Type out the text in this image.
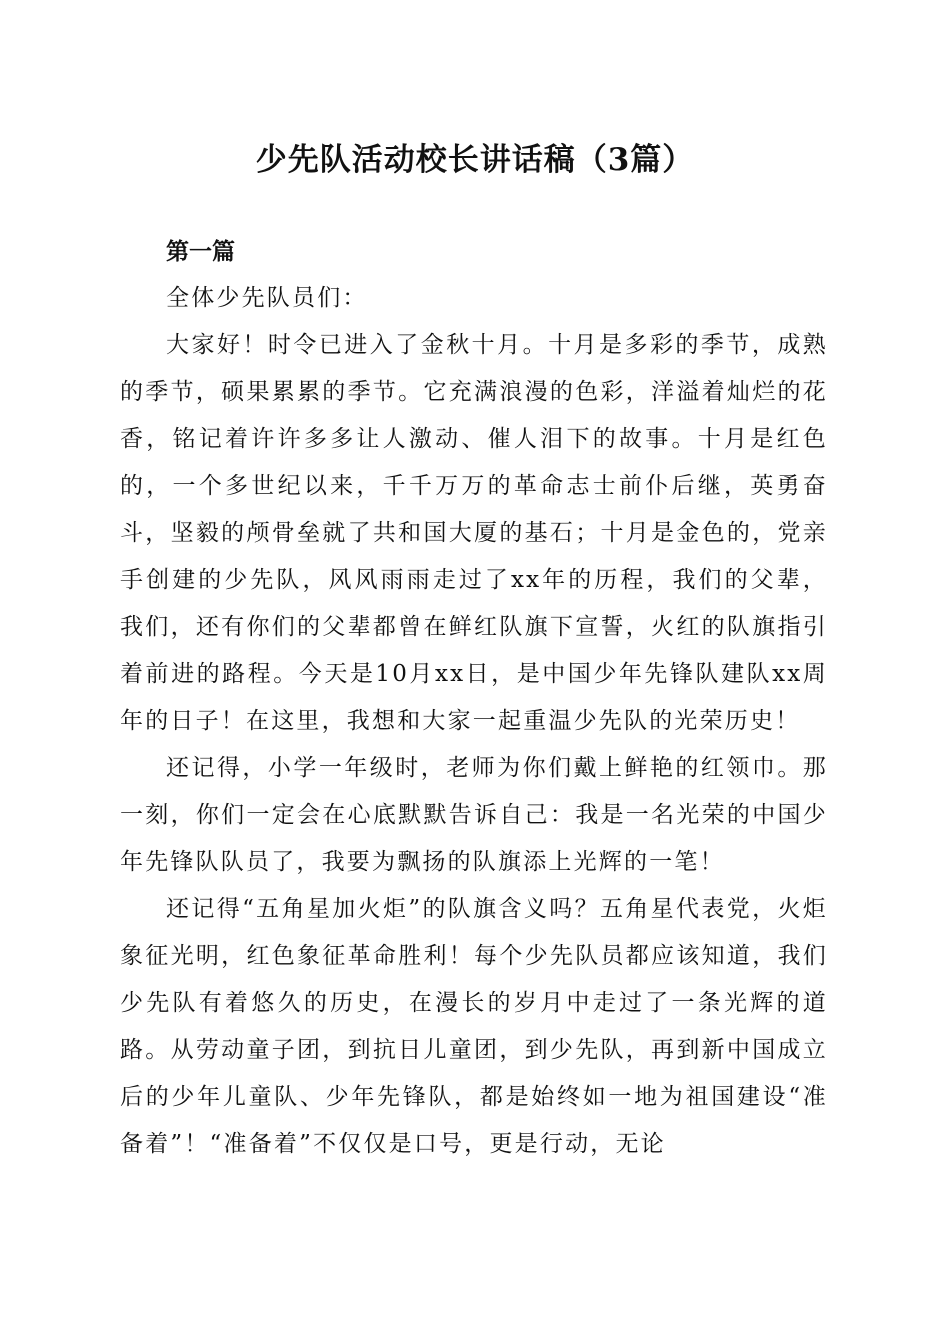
少先队活动校长讲话稿（3篇）

第一篇

全体少先队员们：

大家好！时令已进入了金秋十月。十月是多彩的季节，成熟的季节，硕果累累的季节。它充满浪漫的色彩，洋溢着灿烂的花香，铭记着许许多多让人激动、催人泪下的故事。十月是红色的，一个多世纪以来，千千万万的革命志士前仆后继，英勇奋斗，坚毅的颅骨垒就了共和国大厦的基石；十月是金色的，党亲手创建的少先队，风风雨雨走过了xx年的历程，我们的父辈，我们，还有你们的父辈都曾在鲜红队旗下宣誓，火红的队旗指引着前进的路程。今天是10月xx日，是中国少年先锋队建队xx周年的日子！在这里，我想和大家一起重温少先队的光荣历史！

还记得，小学一年级时，老师为你们戴上鲜艳的红领巾。那一刻，你们一定会在心底默默告诉自己：我是一名光荣的中国少年先锋队队员了，我要为飘扬的队旗添上光辉的一笔！

还记得“五角星加火炬”的队旗含义吗？五角星代表党，火炬象征光明，红色象征革命胜利！每个少先队员都应该知道，我们少先队有着悠久的历史，在漫长的岁月中走过了一条光辉的道路。从劳动童子团，到抗日儿童团，到少先队，再到新中国成立后的少年儿童队、少年先锋队，都是始终如一地为祖国建设“准备着”！“准备着”不仅仅是口号，更是行动，无论
